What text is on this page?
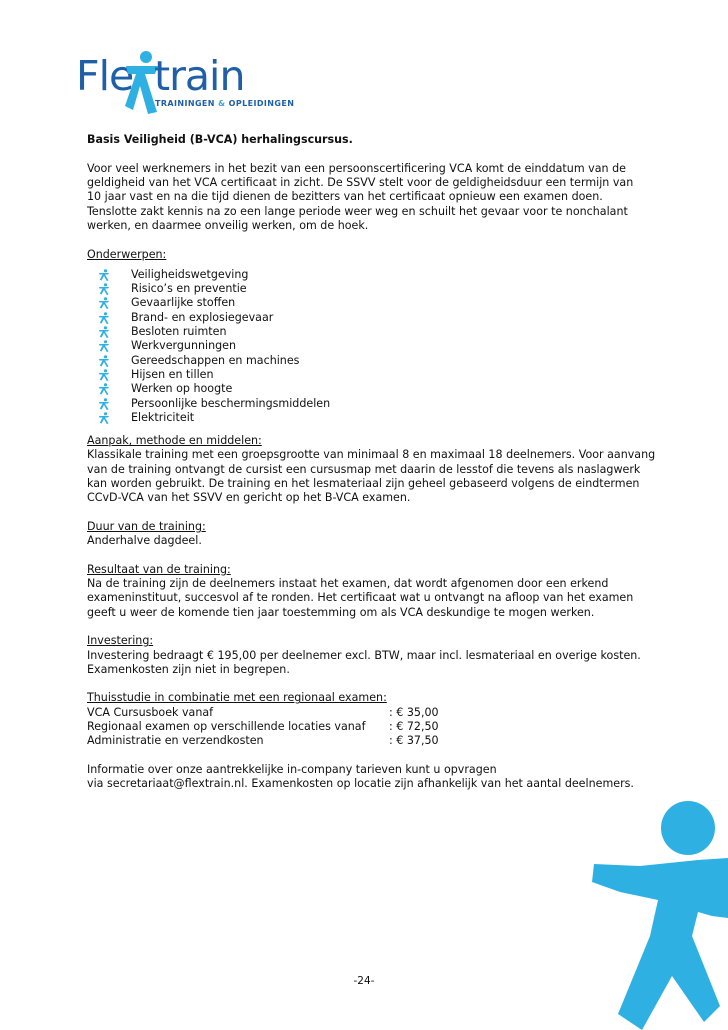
Fle train
TRAININGEN & OPLEIDINGEN

Basis Veiligheid (B-VCA) herhalingscursus.

Voor veel werknemers in het bezit van een persoonscertificering VCA komt de einddatum van de

geldigheid van het VCA certificaat in zicht. De SSVV stelt voor de geldigheidsduur een termijn van

10 jaar vast en na die tijd dienen de bezitters van het certificaat opnieuw een examen doen.

Tenslotte zakt kennis na zo een lange periode weer weg en schuilt het gevaar voor te nonchalant

werken, en daarmee onveilig werken, om de hoek.

Onderwerpen:

Veiligheidswetgeving
Risico’s en preventie
Gevaarlijke stoffen
Brand- en explosiegevaar
Besloten ruimten
Werkvergunningen
Gereedschappen en machines
Hijsen en tillen
Werken op hoogte
Persoonlijke beschermingsmiddelen
Elektriciteit

Aanpak, methode en middelen:

Klassikale training met een groepsgrootte van minimaal 8 en maximaal 18 deelnemers. Voor aanvang

van de training ontvangt de cursist een cursusmap met daarin de lesstof die tevens als naslagwerk

kan worden gebruikt. De training en het lesmateriaal zijn geheel gebaseerd volgens de eindtermen

CCvD-VCA van het SSVV en gericht op het B-VCA examen.

Duur van de training:

Anderhalve dagdeel.

Resultaat van de training:

Na de training zijn de deelnemers instaat het examen, dat wordt afgenomen door een erkend

exameninstituut, succesvol af te ronden. Het certificaat wat u ontvangt na afloop van het examen

geeft u weer de komende tien jaar toestemming om als VCA deskundige te mogen werken.

Investering:

Investering bedraagt € 195,00 per deelnemer excl. BTW, maar incl. lesmateriaal en overige kosten.

Examenkosten zijn niet in begrepen.

Thuisstudie in combinatie met een regionaal examen:

VCA Cursusboek vanaf	: € 35,00
Regionaal examen op verschillende locaties vanaf	: € 72,50
Administratie en verzendkosten	: € 37,50

Informatie over onze aantrekkelijke in-company tarieven kunt u opvragen

via secretariaat@flextrain.nl. Examenkosten op locatie zijn afhankelijk van het aantal deelnemers.

-24-
